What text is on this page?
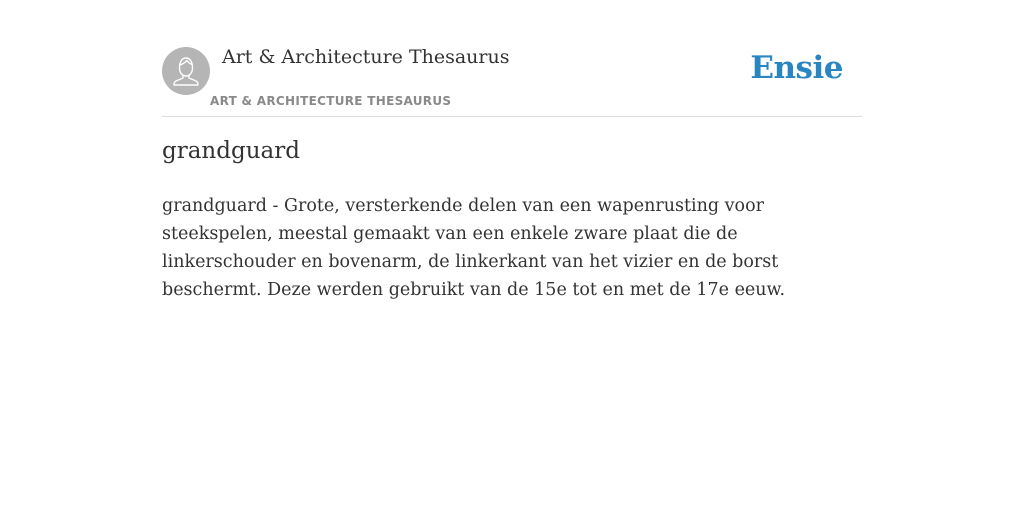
Art & Architecture Thesaurus
ART & ARCHITECTURE THESAURUS
Ensie
grandguard

grandguard - Grote, versterkende delen van een wapenrusting voor steekspelen, meestal gemaakt van een enkele zware plaat die de linkerschouder en bovenarm, de linkerkant van het vizier en de borst beschermt. Deze werden gebruikt van de 15e tot en met de 17e eeuw.
